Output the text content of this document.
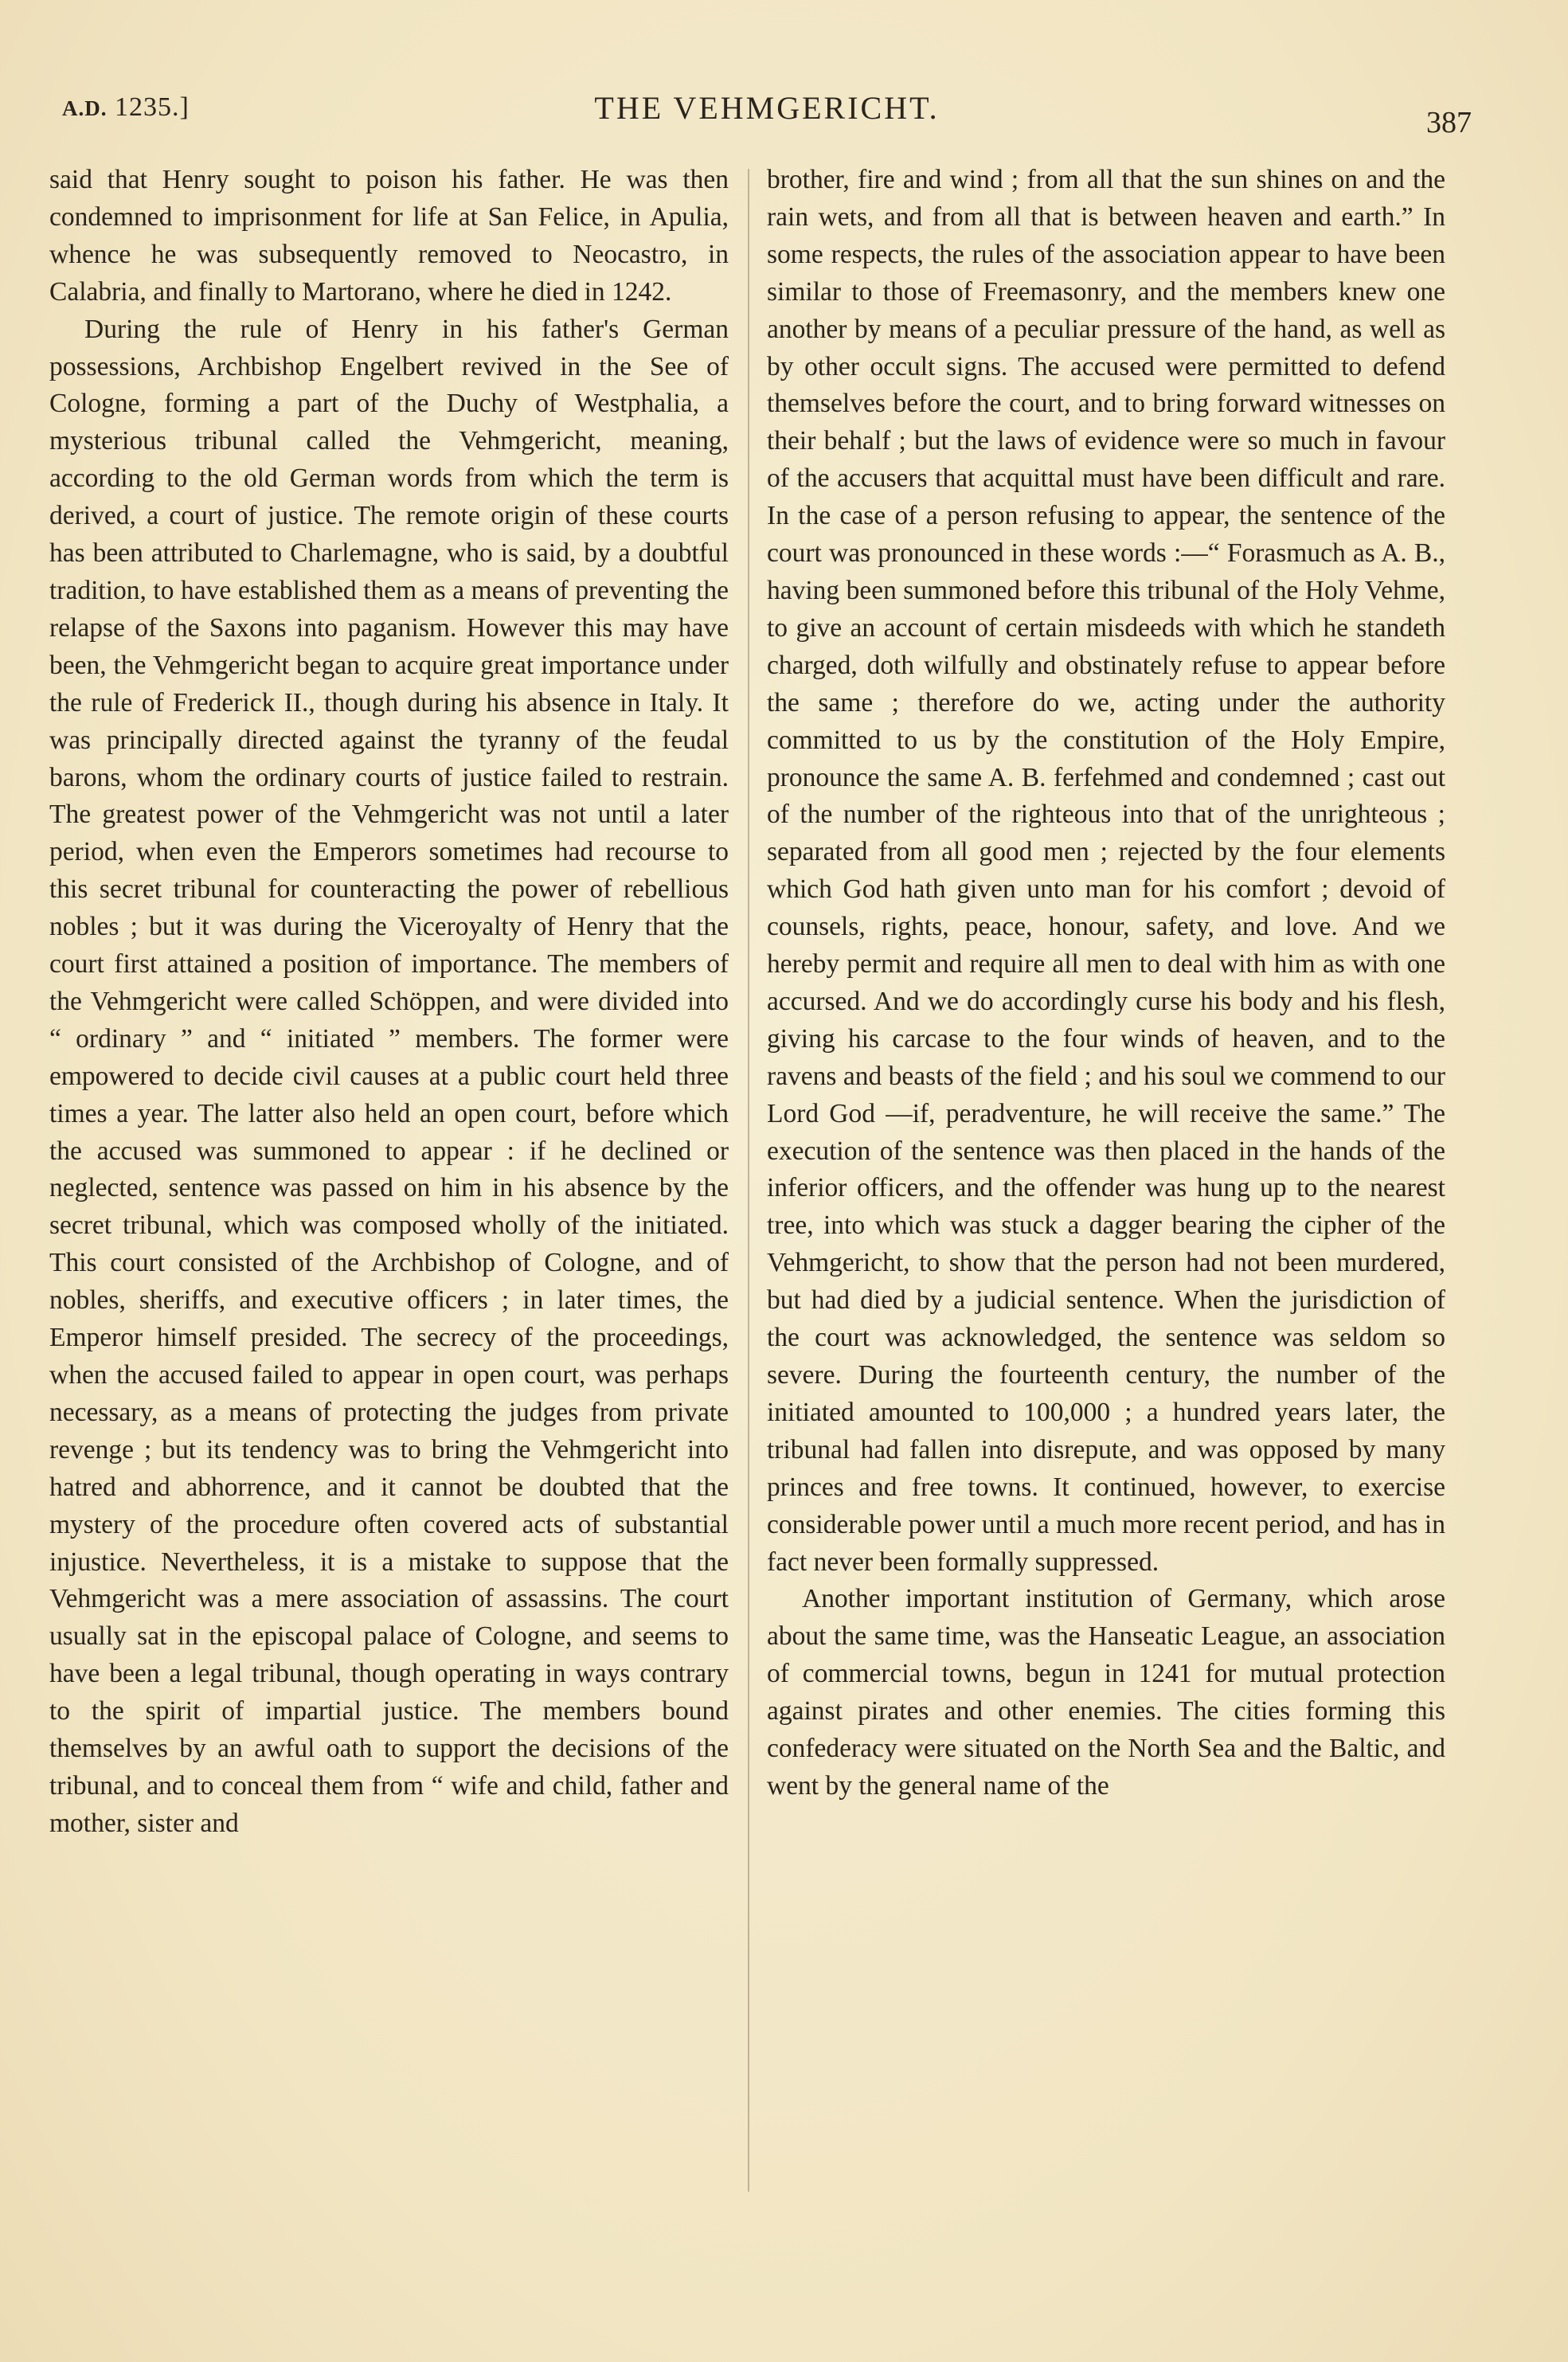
A.D. 1235.]	THE VEHMGERICHT.	387

said that Henry sought to poison his father. He was then condemned to imprisonment for life at San Felice, in Apulia, whence he was subsequently removed to Neocastro, in Calabria, and finally to Martorano, where he died in 1242.

During the rule of Henry in his father's German possessions, Archbishop Engelbert revived in the See of Cologne, forming a part of the Duchy of Westphalia, a mysterious tribunal called the Vehmgericht, meaning, according to the old German words from which the term is derived, a court of justice. The remote origin of these courts has been attributed to Charlemagne, who is said, by a doubtful tradition, to have established them as a means of preventing the relapse of the Saxons into paganism. However this may have been, the Vehmgericht began to acquire great importance under the rule of Frederick II., though during his absence in Italy. It was principally directed against the tyranny of the feudal barons, whom the ordinary courts of justice failed to restrain. The greatest power of the Vehmgericht was not until a later period, when even the Emperors sometimes had recourse to this secret tribunal for counteracting the power of rebellious nobles ; but it was during the Viceroyalty of Henry that the court first attained a position of importance. The members of the Vehmgericht were called Schöppen, and were divided into “ ordinary ” and “ initiated ” members. The former were empowered to decide civil causes at a public court held three times a year. The latter also held an open court, before which the accused was summoned to appear : if he declined or neglected, sentence was passed on him in his absence by the secret tribunal, which was composed wholly of the initiated. This court consisted of the Archbishop of Cologne, and of nobles, sheriffs, and executive officers ; in later times, the Emperor himself presided. The secrecy of the proceedings, when the accused failed to appear in open court, was perhaps necessary, as a means of protecting the judges from private revenge ; but its tendency was to bring the Vehmgericht into hatred and abhorrence, and it cannot be doubted that the mystery of the procedure often covered acts of substantial injustice. Nevertheless, it is a mistake to suppose that the Vehmgericht was a mere association of assassins. The court usually sat in the episcopal palace of Cologne, and seems to have been a legal tribunal, though operating in ways contrary to the spirit of impartial justice. The members bound themselves by an awful oath to support the decisions of the tribunal, and to conceal them from “ wife and child, father and mother, sister and

brother, fire and wind ; from all that the sun shines on and the rain wets, and from all that is between heaven and earth.” In some respects, the rules of the association appear to have been similar to those of Freemasonry, and the members knew one another by means of a peculiar pressure of the hand, as well as by other occult signs. The accused were permitted to defend themselves before the court, and to bring forward witnesses on their behalf ; but the laws of evidence were so much in favour of the accusers that acquittal must have been difficult and rare. In the case of a person refusing to appear, the sentence of the court was pronounced in these words :—“ Forasmuch as A. B., having been summoned before this tribunal of the Holy Vehme, to give an account of certain misdeeds with which he standeth charged, doth wilfully and obstinately refuse to appear before the same ; therefore do we, acting under the authority committed to us by the constitution of the Holy Empire, pronounce the same A. B. ferfehmed and condemned ; cast out of the number of the righteous into that of the unrighteous ; separated from all good men ; rejected by the four elements which God hath given unto man for his comfort ; devoid of counsels, rights, peace, honour, safety, and love. And we hereby permit and require all men to deal with him as with one accursed. And we do accordingly curse his body and his flesh, giving his carcase to the four winds of heaven, and to the ravens and beasts of the field ; and his soul we commend to our Lord God —if, peradventure, he will receive the same.” The execution of the sentence was then placed in the hands of the inferior officers, and the offender was hung up to the nearest tree, into which was stuck a dagger bearing the cipher of the Vehmgericht, to show that the person had not been murdered, but had died by a judicial sentence. When the jurisdiction of the court was acknowledged, the sentence was seldom so severe. During the fourteenth century, the number of the initiated amounted to 100,000 ; a hundred years later, the tribunal had fallen into disrepute, and was opposed by many princes and free towns. It continued, however, to exercise considerable power until a much more recent period, and has in fact never been formally suppressed.

Another important institution of Germany, which arose about the same time, was the Hanseatic League, an association of commercial towns, begun in 1241 for mutual protection against pirates and other enemies. The cities forming this confederacy were situated on the North Sea and the Baltic, and went by the general name of the
